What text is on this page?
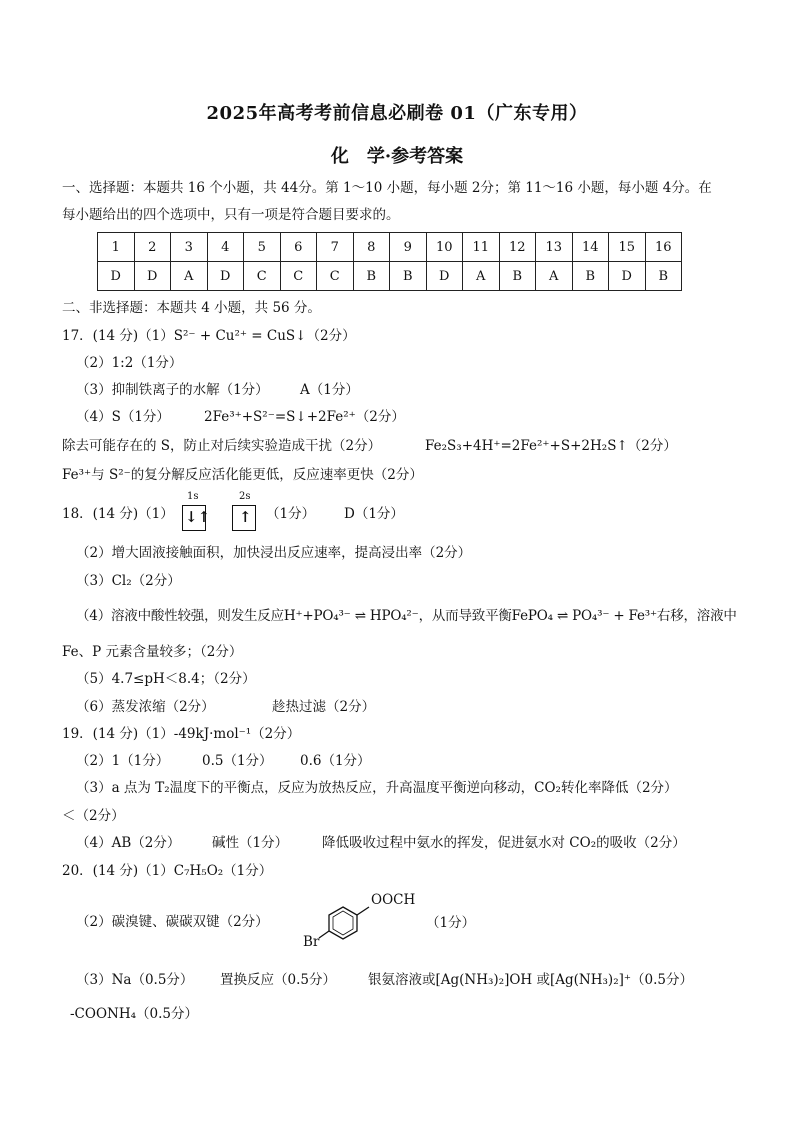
2025年高考考前信息必刷卷 01（广东专用）
化　学·参考答案
一、选择题：本题共 16 个小题，共 44分。第 1～10 小题，每小题 2分；第 11～16 小题，每小题 4分。在
每小题给出的四个选项中，只有一项是符合题目要求的。
1	2	3	4	5	6	7	8	9	10	11	12	13	14	15	16
D	D	A	D	C	C	C	B	B	D	A	B	A	B	D	B
二、非选择题：本题共 4 小题，共 56 分。
17．(14 分)（1）S²⁻ + Cu²⁺ = CuS↓（2分）
（2）1:2（1分）
（3）抑制铁离子的水解（1分） A（1分）
（4）S（1分）	2Fe³⁺+S²⁻=S↓+2Fe²⁺（2分）
除去可能存在的 S，防止对后续实验造成干扰（2分）	Fe₂S₃+4H⁺=2Fe²⁺+S+2H₂S↑（2分）
Fe³⁺与 S²⁻的复分解反应活化能更低，反应速率更快（2分）
18．(14 分)（1）
1s
↓↑
2s
↑ （1分） D（1分）
（2）增大固液接触面积，加快浸出反应速率，提高浸出率（2分）
（3）Cl₂（2分）
（4）溶液中酸性较强，则发生反应H⁺+PO₄³⁻ ⇌ HPO₄²⁻，从而导致平衡FePO₄ ⇌ PO₄³⁻ + Fe³⁺右移，溶液中
Fe、P 元素含量较多；（2分）
（5）4.7≤pH＜8.4；（2分）
（6）蒸发浓缩（2分）	趁热过滤（2分）
19．(14 分)（1）-49kJ·mol⁻¹（2分）
（2）1（1分） 0.5（1分） 0.6（1分）
（3）a 点为 T₂温度下的平衡点，反应为放热反应，升高温度平衡逆向移动，CO₂转化率降低（2分）
＜（2分）
（4）AB（2分） 碱性（1分）	降低吸收过程中氨水的挥发，促进氨水对 CO₂的吸收（2分）
20．(14 分)（1）C₇H₅O₂（1分）
（2）碳溴键、碳碳双键（2分）
OOCH
Br
（1分）
（3）Na（0.5分） 置换反应（0.5分） 银氨溶液或[Ag(NH₃)₂]OH 或[Ag(NH₃)₂]⁺（0.5分）
-COONH₄（0.5分）
